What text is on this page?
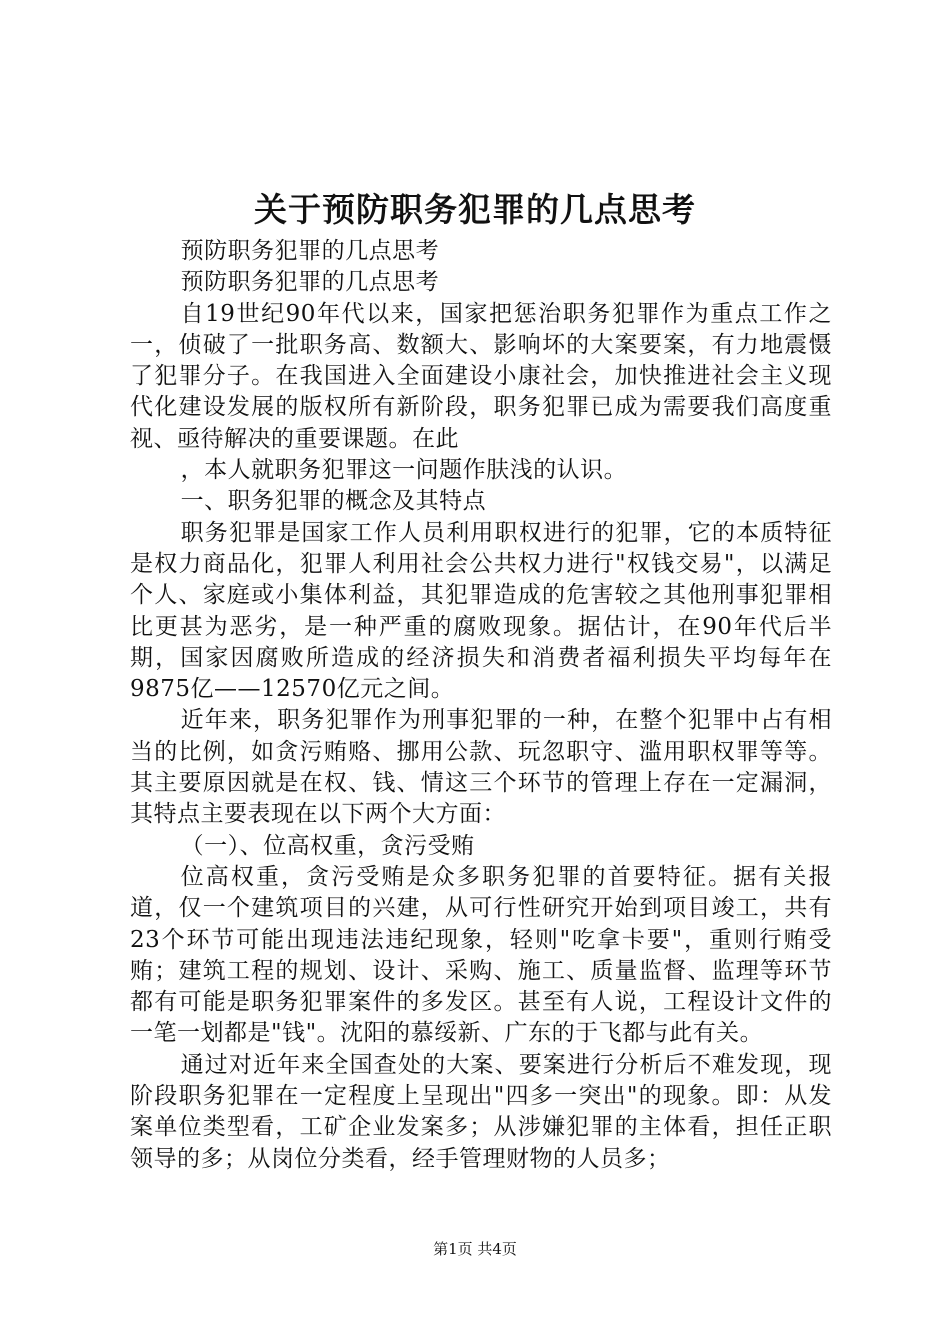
关于预防职务犯罪的几点思考

预防职务犯罪的几点思考

预防职务犯罪的几点思考

自19世纪90年代以来，国家把惩治职务犯罪作为重点工作之一，侦破了一批职务高、数额大、影响坏的大案要案，有力地震慑了犯罪分子。在我国进入全面建设小康社会，加快推进社会主义现代化建设发展的版权所有新阶段，职务犯罪已成为需要我们高度重视、亟待解决的重要课题。在此

，本人就职务犯罪这一问题作肤浅的认识。

一、职务犯罪的概念及其特点

职务犯罪是国家工作人员利用职权进行的犯罪，它的本质特征是权力商品化，犯罪人利用社会公共权力进行"权钱交易"，以满足个人、家庭或小集体利益，其犯罪造成的危害较之其他刑事犯罪相比更甚为恶劣，是一种严重的腐败现象。据估计，在90年代后半期，国家因腐败所造成的经济损失和消费者福利损失平均每年在9875亿——12570亿元之间。

近年来，职务犯罪作为刑事犯罪的一种，在整个犯罪中占有相当的比例，如贪污贿赂、挪用公款、玩忽职守、滥用职权罪等等。其主要原因就是在权、钱、情这三个环节的管理上存在一定漏洞，其特点主要表现在以下两个大方面：

（一）、位高权重，贪污受贿

位高权重，贪污受贿是众多职务犯罪的首要特征。据有关报道，仅一个建筑项目的兴建，从可行性研究开始到项目竣工，共有23个环节可能出现违法违纪现象，轻则"吃拿卡要"，重则行贿受贿；建筑工程的规划、设计、采购、施工、质量监督、监理等环节都有可能是职务犯罪案件的多发区。甚至有人说，工程设计文件的一笔一划都是"钱"。沈阳的慕绥新、广东的于飞都与此有关。

通过对近年来全国查处的大案、要案进行分析后不难发现，现阶段职务犯罪在一定程度上呈现出"四多一突出"的现象。即：从发案单位类型看，工矿企业发案多；从涉嫌犯罪的主体看，担任正职领导的多；从岗位分类看，经手管理财物的人员多；

第1页 共4页
